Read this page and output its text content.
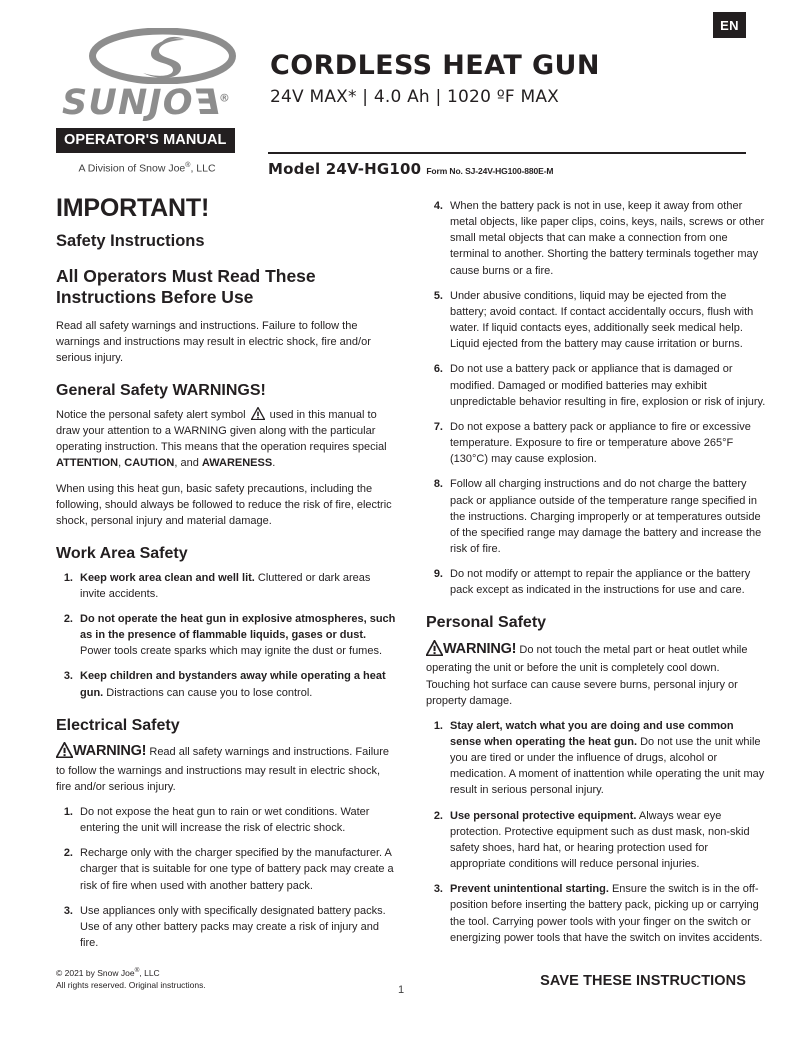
SUNJOE®
OPERATOR'S MANUAL
A Division of Snow Joe®, LLC
EN
CORDLESS HEAT GUN
24V MAX* | 4.0 Ah | 1020 ºF MAX
Model 24V-HG100 Form No. SJ-24V-HG100-880E-M
IMPORTANT!
Safety Instructions
All Operators Must Read These Instructions Before Use

Read all safety warnings and instructions. Failure to follow the warnings and instructions may result in electric shock, fire and/or serious injury.

General Safety WARNINGS!

Notice the personal safety alert symbol used in this manual to draw your attention to a WARNING given along with the particular operating instruction. This means that the operation requires special ATTENTION, CAUTION, and AWARENESS.

When using this heat gun, basic safety precautions, including the following, should always be followed to reduce the risk of fire, electric shock, personal injury and material damage.

Work Area Safety
1. Keep work area clean and well lit. Cluttered or dark areas invite accidents.
2. Do not operate the heat gun in explosive atmospheres, such as in the presence of flammable liquids, gases or dust. Power tools create sparks which may ignite the dust or fumes.
3. Keep children and bystanders away while operating a heat gun. Distractions can cause you to lose control.
Electrical Safety

WARNING! Read all safety warnings and instructions. Failure to follow the warnings and instructions may result in electric shock, fire and/or serious injury.

1. Do not expose the heat gun to rain or wet conditions. Water entering the unit will increase the risk of electric shock.
2. Recharge only with the charger specified by the manufacturer. A charger that is suitable for one type of battery pack may create a risk of fire when used with another battery pack.
3. Use appliances only with specifically designated battery packs. Use of any other battery packs may create a risk of injury and fire.
4. When the battery pack is not in use, keep it away from other metal objects, like paper clips, coins, keys, nails, screws or other small metal objects that can make a connection from one terminal to another. Shorting the battery terminals together may cause burns or a fire.
5. Under abusive conditions, liquid may be ejected from the battery; avoid contact. If contact accidentally occurs, flush with water. If liquid contacts eyes, additionally seek medical help. Liquid ejected from the battery may cause irritation or burns.
6. Do not use a battery pack or appliance that is damaged or modified. Damaged or modified batteries may exhibit unpredictable behavior resulting in fire, explosion or risk of injury.
7. Do not expose a battery pack or appliance to fire or excessive temperature. Exposure to fire or temperature above 265°F (130°C) may cause explosion.
8. Follow all charging instructions and do not charge the battery pack or appliance outside of the temperature range specified in the instructions. Charging improperly or at temperatures outside of the specified range may damage the battery and increase the risk of fire.
9. Do not modify or attempt to repair the appliance or the battery pack except as indicated in the instructions for use and care.
Personal Safety

WARNING! Do not touch the metal part or heat outlet while operating the unit or before the unit is completely cool down. Touching hot surface can cause severe burns, personal injury or property damage.

1. Stay alert, watch what you are doing and use common sense when operating the heat gun. Do not use the unit while you are tired or under the influence of drugs, alcohol or medication. A moment of inattention while operating the unit may result in serious personal injury.
2. Use personal protective equipment. Always wear eye protection. Protective equipment such as dust mask, non-skid safety shoes, hard hat, or hearing protection used for appropriate conditions will reduce personal injuries.
3. Prevent unintentional starting. Ensure the switch is in the off-position before inserting the battery pack, picking up or carrying the tool. Carrying power tools with your finger on the switch or energizing power tools that have the switch on invites accidents.
© 2021 by Snow Joe®, LLC
All rights reserved. Original instructions.	1
SAVE THESE INSTRUCTIONS
